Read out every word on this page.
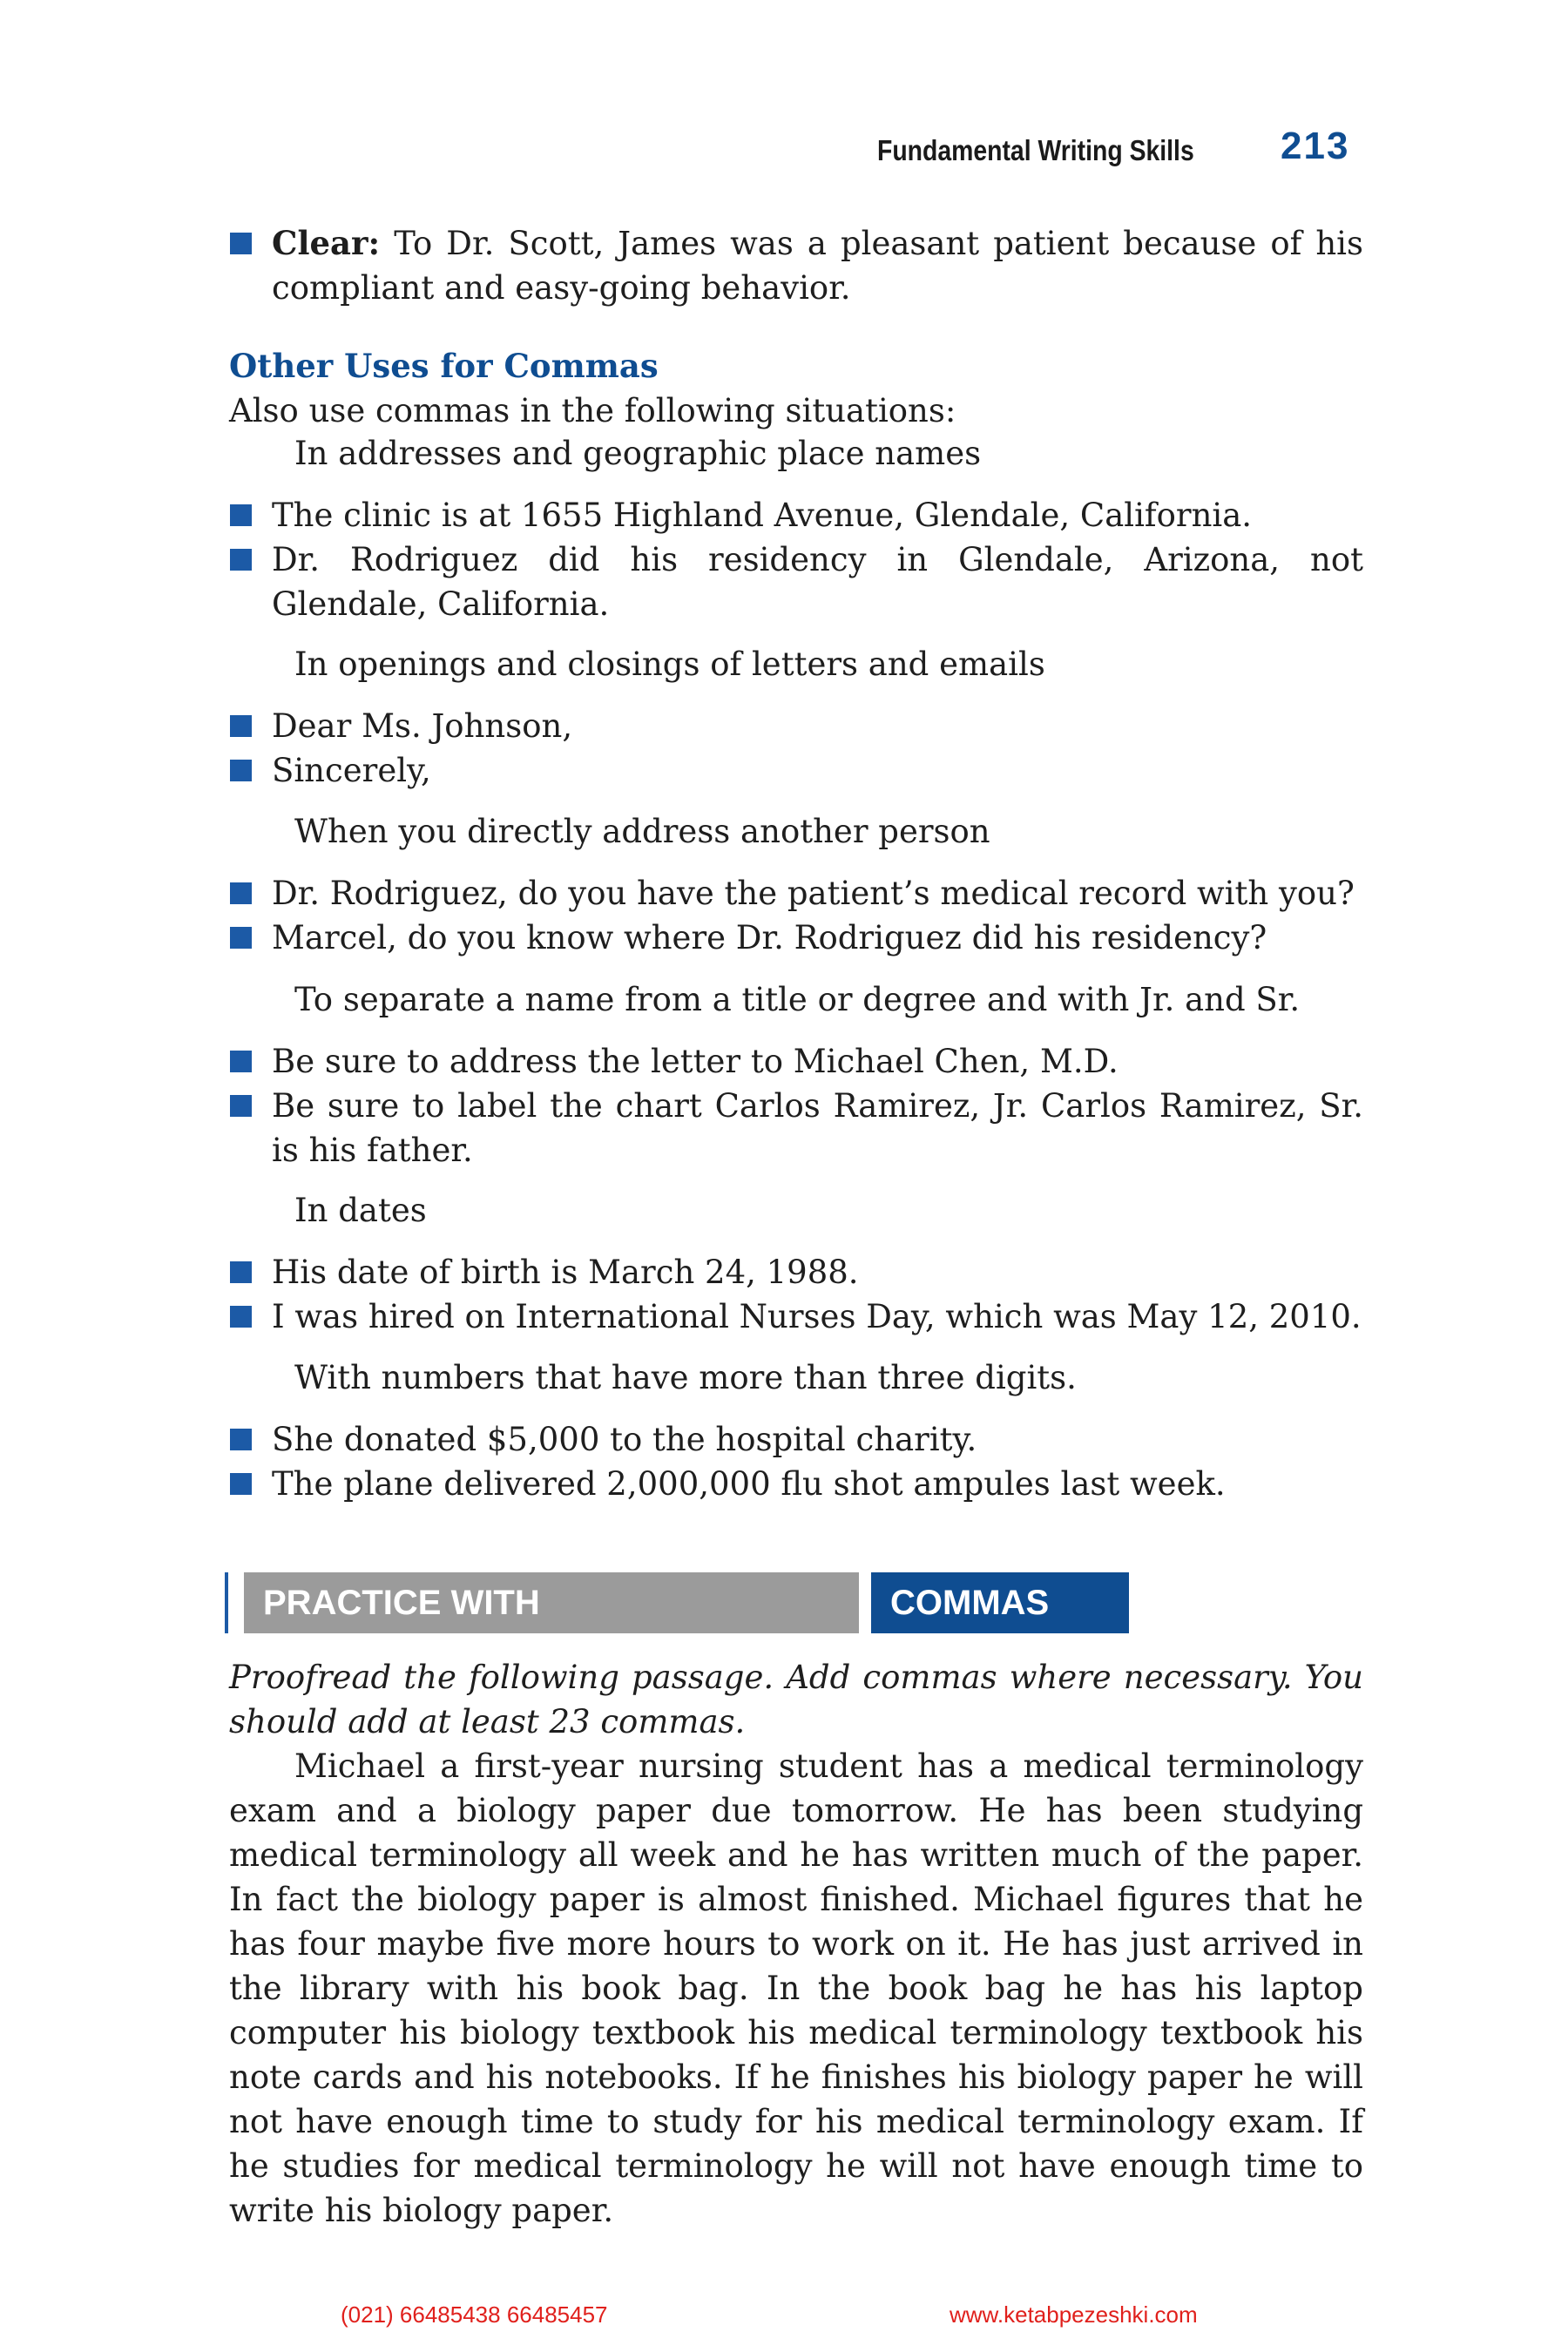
Fundamental Writing Skills 213
Clear: To Dr. Scott, James was a pleasant patient because of his compliant and easy-going behavior.
Other Uses for Commas
Also use commas in the following situations:
In addresses and geographic place names
The clinic is at 1655 Highland Avenue, Glendale, California.
Dr. Rodriguez did his residency in Glendale, Arizona, not Glendale, California.
In openings and closings of letters and emails
Dear Ms. Johnson,
Sincerely,
When you directly address another person
Dr. Rodriguez, do you have the patient’s medical record with you?
Marcel, do you know where Dr. Rodriguez did his residency?
To separate a name from a title or degree and with Jr. and Sr.
Be sure to address the letter to Michael Chen, M.D.
Be sure to label the chart Carlos Ramirez, Jr. Carlos Ramirez, Sr. is his father.
In dates
His date of birth is March 24, 1988.
I was hired on International Nurses Day, which was May 12, 2010.
With numbers that have more than three digits.
She donated $5,000 to the hospital charity.
The plane delivered 2,000,000 flu shot ampules last week.
PRACTICE WITH	COMMAS
Proofread the following passage. Add commas where necessary. You should add at least 23 commas.
Michael a first-year nursing student has a medical terminology exam and a biology paper due tomorrow. He has been studying medical terminology all week and he has written much of the paper. In fact the biology paper is almost finished. Michael figures that he has four maybe five more hours to work on it. He has just arrived in the library with his book bag. In the book bag he has his laptop computer his biology textbook his medical terminology textbook his note cards and his notebooks. If he finishes his biology paper he will not have enough time to study for his medical terminology exam. If he studies for medical terminology he will not have enough time to write his biology paper.
(021) 66485438 66485457	www.ketabpezeshki.com
